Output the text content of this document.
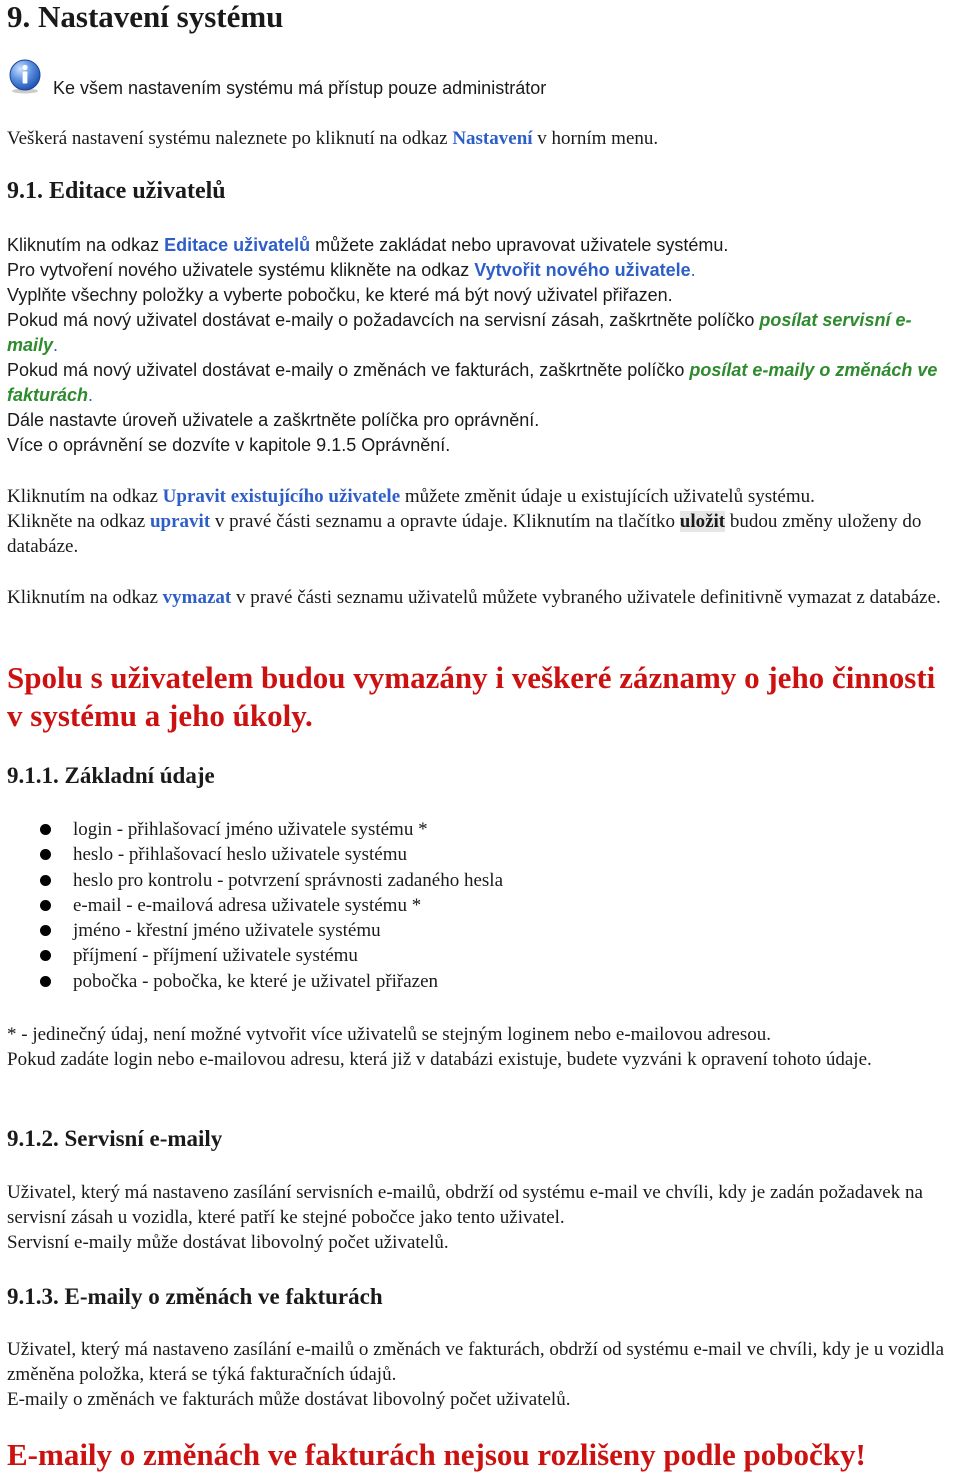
9. Nastavení systému
Ke všem nastavením systému má přístup pouze administrátor

Veškerá nastavení systému naleznete po kliknutí na odkaz Nastavení v horním menu.

9.1. Editace uživatelů
Kliknutím na odkaz Editace uživatelů můžete zakládat nebo upravovat uživatele systému.
Pro vytvoření nového uživatele systému klikněte na odkaz Vytvořit nového uživatele.
Vyplňte všechny položky a vyberte pobočku, ke které má být nový uživatel přiřazen.
Pokud má nový uživatel dostávat e-maily o požadavcích na servisní zásah, zaškrtněte políčko posílat servisní e-maily.
Pokud má nový uživatel dostávat e-maily o změnách ve fakturách, zaškrtněte políčko posílat e-maily o změnách ve fakturách.
Dále nastavte úroveň uživatele a zaškrtněte políčka pro oprávnění.
Více o oprávnění se dozvíte v kapitole 9.1.5 Oprávnění.
Kliknutím na odkaz Upravit existujícího uživatele můžete změnit údaje u existujících uživatelů systému.
Klikněte na odkaz upravit v pravé části seznamu a opravte údaje. Kliknutím na tlačítko uložit budou změny uloženy do databáze.

Kliknutím na odkaz vymazat v pravé části seznamu uživatelů můžete vybraného uživatele definitivně vymazat z databáze.

Spolu s uživatelem budou vymazány i veškeré záznamy o jeho činnosti v systému a jeho úkoly.

9.1.1. Základní údaje
login - přihlašovací jméno uživatele systému *
heslo - přihlašovací heslo uživatele systému
heslo pro kontrolu - potvrzení správnosti zadaného hesla
e-mail - e-mailová adresa uživatele systému *
jméno - křestní jméno uživatele systému
příjmení - příjmení uživatele systému
pobočka - pobočka, ke které je uživatel přiřazen
* - jedinečný údaj, není možné vytvořit více uživatelů se stejným loginem nebo e-mailovou adresou.
Pokud zadáte login nebo e-mailovou adresu, která již v databázi existuje, budete vyzváni k opravení tohoto údaje.
9.1.2. Servisní e-maily
Uživatel, který má nastaveno zasílání servisních e-mailů, obdrží od systému e-mail ve chvíli, kdy je zadán požadavek na servisní zásah u vozidla, které patří ke stejné pobočce jako tento uživatel.
Servisní e-maily může dostávat libovolný počet uživatelů.
9.1.3. E-maily o změnách ve fakturách
Uživatel, který má nastaveno zasílání e-mailů o změnách ve fakturách, obdrží od systému e-mail ve chvíli, kdy je u vozidla změněna položka, která se týká fakturačních údajů.
E-maily o změnách ve fakturách může dostávat libovolný počet uživatelů.

E-maily o změnách ve fakturách nejsou rozlišeny podle pobočky!
